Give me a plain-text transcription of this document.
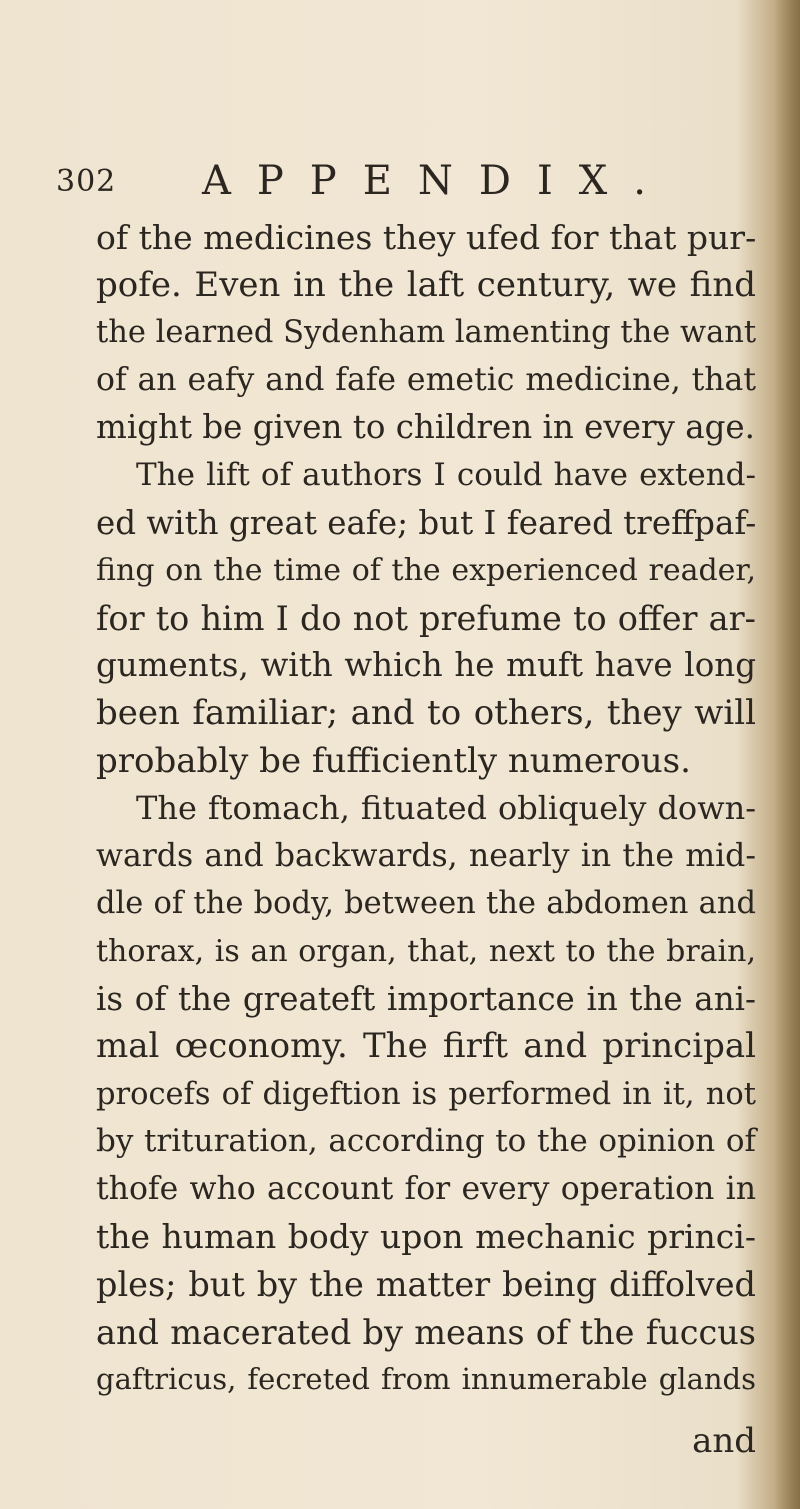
302 APPENDIX.
of the medicines they ufed for that pur-
pofe. Even in the laft century, we find
the learned Sydenham lamenting the want
of an eafy and fafe emetic medicine, that
might be given to children in every age.
The lift of authors I could have extend-
ed with great eafe; but I feared treffpaf-
fing on the time of the experienced reader,
for to him I do not prefume to offer ar-
guments, with which he muft have long
been familiar; and to others, they will
probably be fufficiently numerous.
The ftomach, fituated obliquely down-
wards and backwards, nearly in the mid-
dle of the body, between the abdomen and
thorax, is an organ, that, next to the brain,
is of the greateft importance in the ani-
mal œconomy. The firft and principal
procefs of digeftion is performed in it, not
by trituration, according to the opinion of
thofe who account for every operation in
the human body upon mechanic princi-
ples; but by the matter being diffolved
and macerated by means of the fuccus
gaftricus, fecreted from innumerable glands
and
